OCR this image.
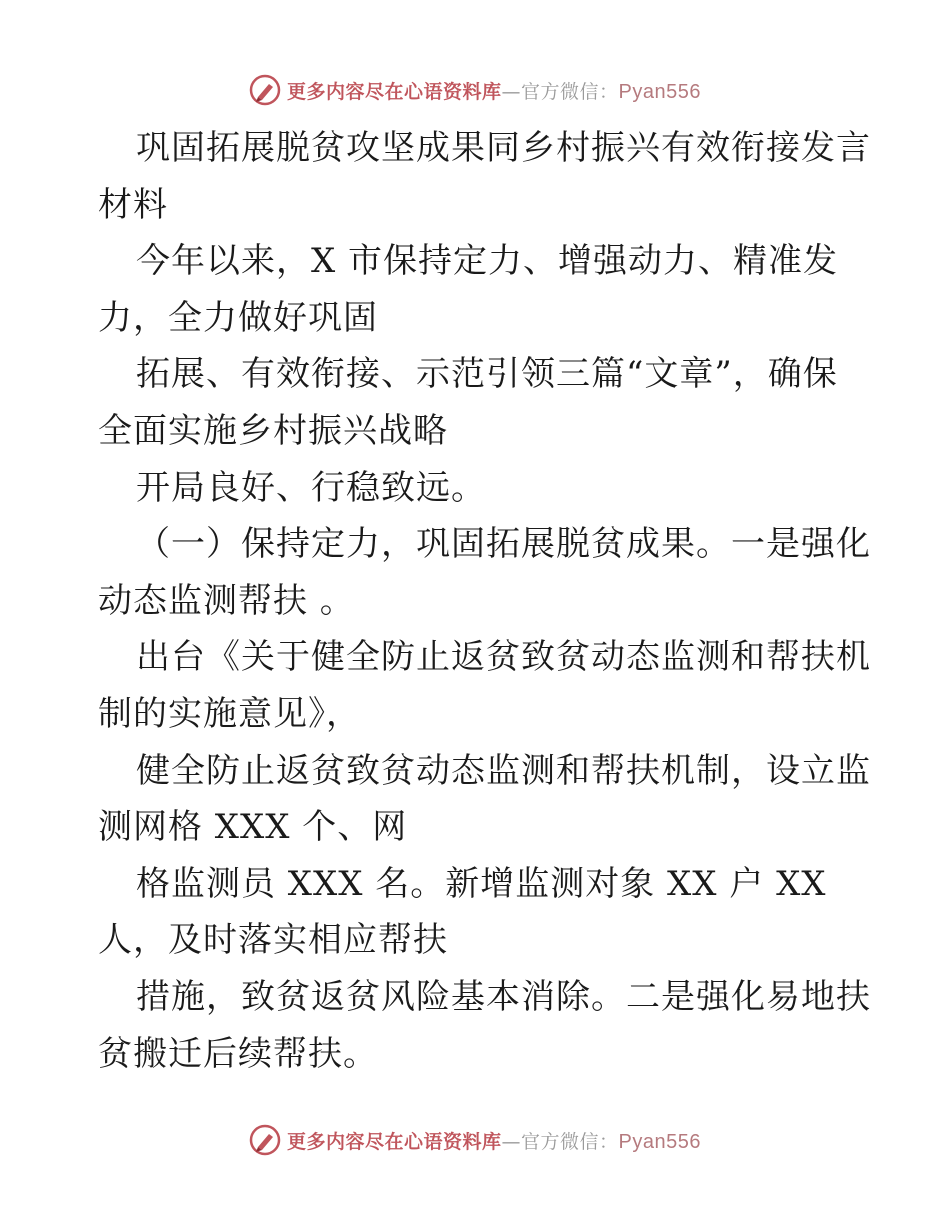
更多内容尽在心语资料库—官方微信：Pyan556
巩固拓展脱贫攻坚成果同乡村振兴有效衔接发言
材料
今年以来，X 市保持定力、增强动力、精准发
力，全力做好巩固
拓展、有效衔接、示范引领三篇“文章”，确保
全面实施乡村振兴战略
开局良好、行稳致远。
（一）保持定力，巩固拓展脱贫成果。一是强化
动态监测帮扶 。
出台《关于健全防止返贫致贫动态监测和帮扶机
制的实施意见》，
健全防止返贫致贫动态监测和帮扶机制，设立监
测网格 XXX 个、网
格监测员 XXX 名。新增监测对象 XX 户 XX
人，及时落实相应帮扶
措施，致贫返贫风险基本消除。二是强化易地扶
贫搬迁后续帮扶。
更多内容尽在心语资料库—官方微信：Pyan556
